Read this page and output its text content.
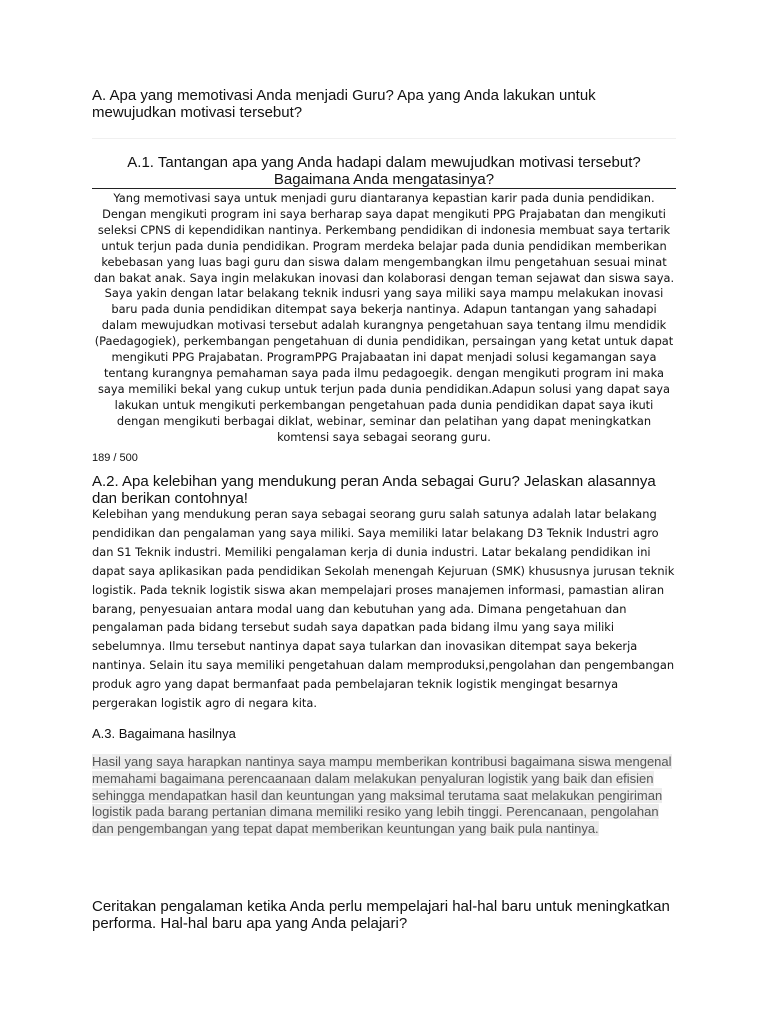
A. Apa yang memotivasi Anda menjadi Guru? Apa yang Anda lakukan untuk mewujudkan motivasi tersebut?
A.1. Tantangan apa yang Anda hadapi dalam mewujudkan motivasi tersebut? Bagaimana Anda mengatasinya?
Yang memotivasi saya untuk menjadi guru diantaranya kepastian karir pada dunia pendidikan. Dengan mengikuti program ini saya berharap saya dapat mengikuti PPG Prajabatan dan mengikuti seleksi CPNS di kependidikan nantinya. Perkembang pendidikan di indonesia membuat saya tertarik untuk terjun pada dunia pendidikan. Program merdeka belajar pada dunia pendidikan memberikan kebebasan yang luas bagi guru dan siswa dalam mengembangkan ilmu pengetahuan sesuai minat dan bakat anak. Saya ingin melakukan inovasi dan kolaborasi dengan teman sejawat dan siswa saya. Saya yakin dengan latar belakang teknik indusri yang saya miliki saya mampu melakukan inovasi baru pada dunia pendidikan ditempat saya bekerja nantinya. Adapun tantangan yang sahadapi dalam mewujudkan motivasi tersebut adalah kurangnya pengetahuan saya tentang ilmu mendidik (Paedagogiek), perkembangan pengetahuan di dunia pendidikan, persaingan yang ketat untuk dapat mengikuti PPG Prajabatan. ProgramPPG Prajabaatan ini dapat menjadi solusi kegamangan saya tentang kurangnya pemahaman saya pada ilmu pedagoegik. dengan mengikuti program ini maka saya memiliki bekal yang cukup untuk terjun pada dunia pendidikan.Adapun solusi yang dapat saya lakukan untuk mengikuti perkembangan pengetahuan pada dunia pendidikan dapat saya ikuti dengan mengikuti berbagai diklat, webinar, seminar dan pelatihan yang dapat meningkatkan komtensi saya sebagai seorang guru.
189 / 500
A.2. Apa kelebihan yang mendukung peran Anda sebagai Guru? Jelaskan alasannya dan berikan contohnya!
Kelebihan yang mendukung peran saya sebagai seorang guru salah satunya adalah latar belakang pendidikan dan pengalaman yang saya miliki. Saya memiliki latar belakang D3 Teknik Industri agro dan S1 Teknik industri. Memiliki pengalaman kerja di dunia industri. Latar bekalang pendidikan ini dapat saya aplikasikan pada pendidikan Sekolah menengah Kejuruan (SMK) khususnya jurusan teknik logistik. Pada teknik logistik siswa akan mempelajari proses manajemen informasi, pamastian aliran barang, penyesuaian antara modal uang dan kebutuhan yang ada. Dimana pengetahuan dan pengalaman pada bidang tersebut sudah saya dapatkan pada bidang ilmu yang saya miliki sebelumnya. Ilmu tersebut nantinya dapat saya tularkan dan inovasikan ditempat saya bekerja nantinya. Selain itu saya memiliki pengetahuan dalam memproduksi,pengolahan dan pengembangan produk agro yang dapat bermanfaat pada pembelajaran teknik logistik mengingat besarnya pergerakan logistik agro di negara kita.
A.3. Bagaimana hasilnya
Hasil yang saya harapkan nantinya saya mampu memberikan kontribusi bagaimana siswa mengenal memahami bagaimana perencaanaan dalam melakukan penyaluran logistik yang baik dan efisien sehingga mendapatkan hasil dan keuntungan yang maksimal terutama saat melakukan pengiriman logistik pada barang pertanian dimana memiliki resiko yang lebih tinggi. Perencanaan, pengolahan dan pengembangan yang tepat dapat memberikan keuntungan yang baik pula nantinya.
Ceritakan pengalaman ketika Anda perlu mempelajari hal-hal baru untuk meningkatkan performa. Hal-hal baru apa yang Anda pelajari?
